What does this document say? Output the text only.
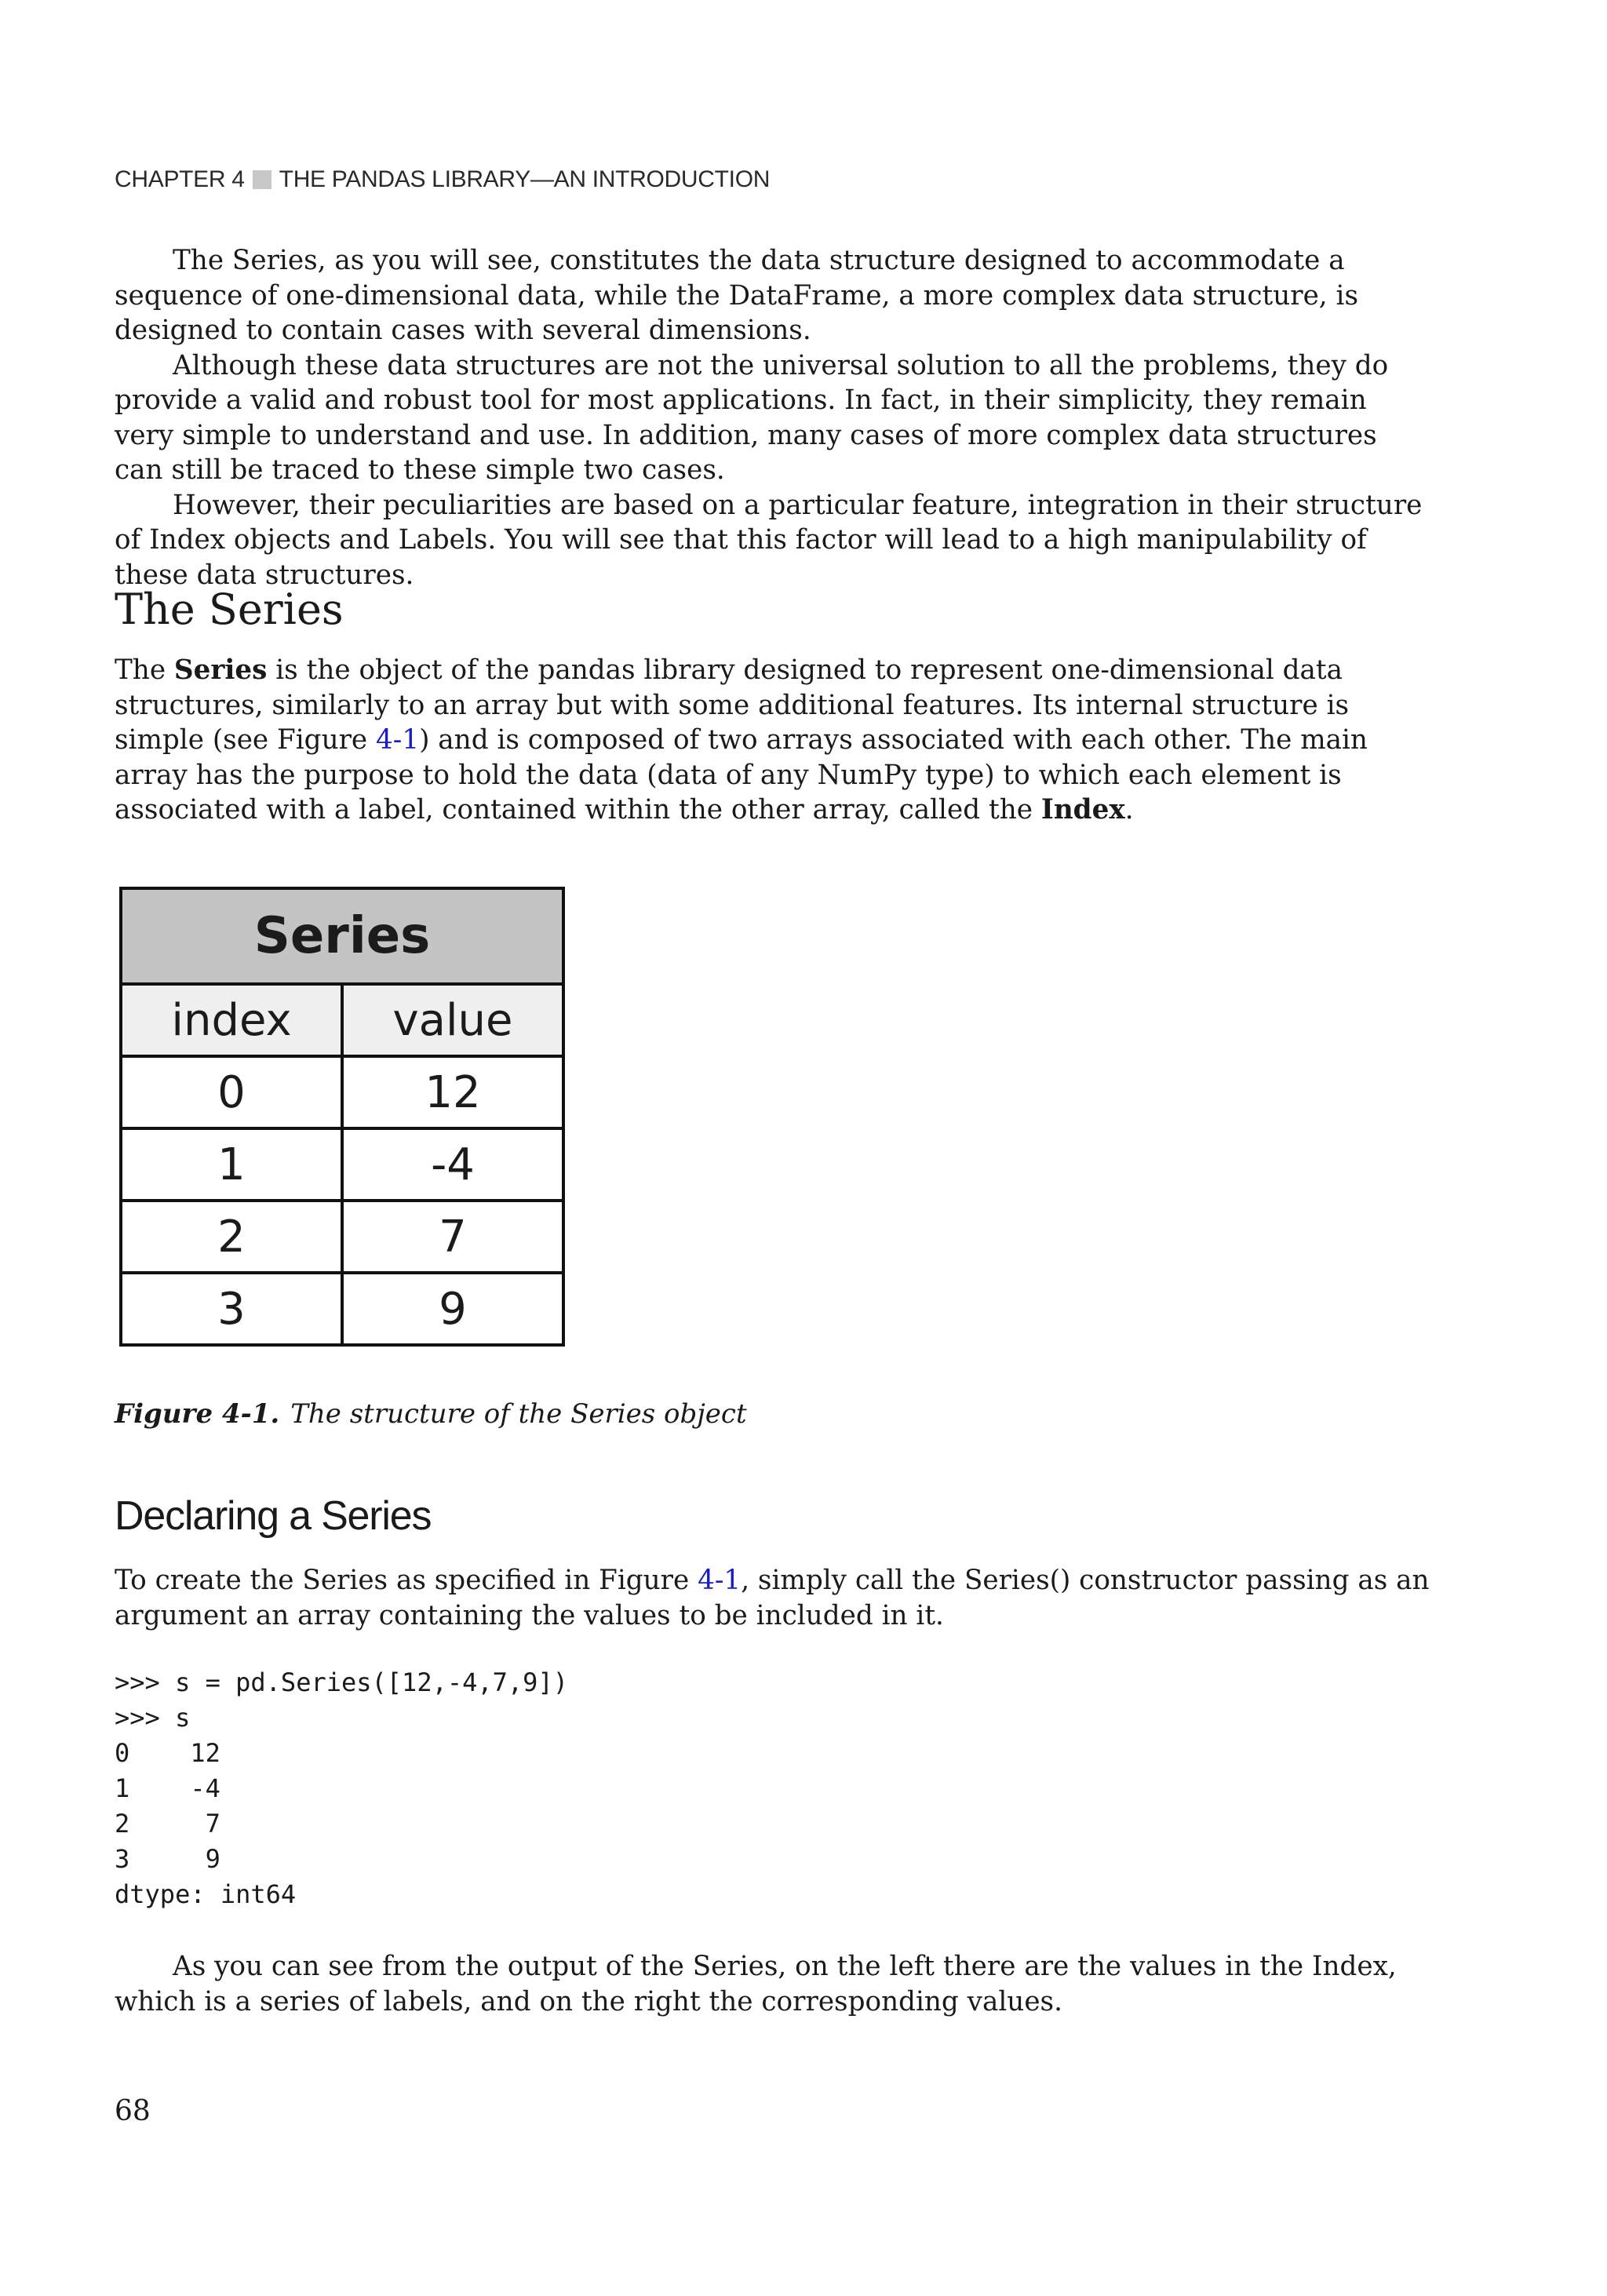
CHAPTER 4 THE PANDAS LIBRARY—AN INTRODUCTION

The Series, as you will see, constitutes the data structure designed to accommodate a sequence of one-dimensional data, while the DataFrame, a more complex data structure, is designed to contain cases with several dimensions.

Although these data structures are not the universal solution to all the problems, they do provide a valid and robust tool for most applications. In fact, in their simplicity, they remain very simple to understand and use. In addition, many cases of more complex data structures can still be traced to these simple two cases.

However, their peculiarities are based on a particular feature, integration in their structure of Index objects and Labels. You will see that this factor will lead to a high manipulability of these data structures.

The Series

The Series is the object of the pandas library designed to represent one-dimensional data structures, similarly to an array but with some additional features. Its internal structure is simple (see Figure 4-1) and is composed of two arrays associated with each other. The main array has the purpose to hold the data (data of any NumPy type) to which each element is associated with a label, contained within the other array, called the Index.

Series	
index	value
0	12
1	-4
2	7
3	9
Figure 4-1. The structure of the Series object
Declaring a Series

To create the Series as specified in Figure 4-1, simply call the Series() constructor passing as an argument an array containing the values to be included in it.

>>> s = pd.Series([12,-4,7,9])
>>> s
0    12
1    -4
2     7
3     9
dtype: int64

As you can see from the output of the Series, on the left there are the values in the Index, which is a series of labels, and on the right the corresponding values.

68
